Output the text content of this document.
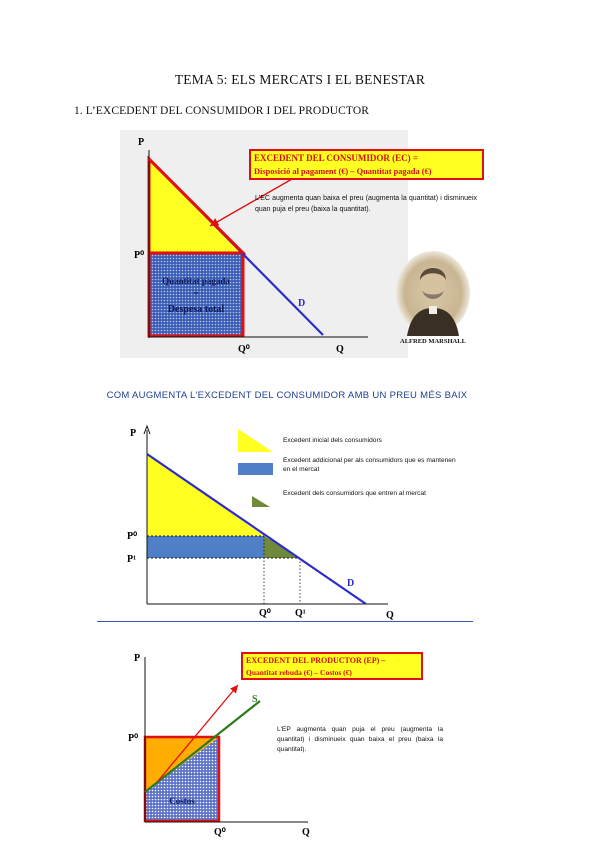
TEMA 5: ELS MERCATS I EL BENESTAR
1. L’EXCEDENT DEL CONSUMIDOR I DEL PRODUCTOR
P
P⁰
Q⁰	Q
D
Quantitat pagada
=
Despesa total
EXCEDENT DEL CONSUMIDOR (EC) =
Disposició al pagament (€) – Quantitat pagada (€)
L'EC augmenta quan baixa el preu (augmenta la quantitat) i disminueix quan puja el preu (baixa la quantitat).
ALFRED MARSHALL
COM AUGMENTA L'EXCEDENT DEL CONSUMIDOR AMB UN PREU MÉS BAIX
P
P⁰
P¹
Q⁰ Q¹	Q
D
Excedent inicial dels consumidors
Excedent addicional per als consumidors que es mantenen en el mercat
Excedent dels consumidors que entren al mercat
P
P⁰
Q⁰	Q
S
Costos
EXCEDENT DEL PRODUCTOR (EP) –
Quantitat rebuda (€) – Costos (€)
L'EP augmenta quan puja el preu (augmenta la quantitat) i disminueix quan baixa el preu (baixa la quantitat).
